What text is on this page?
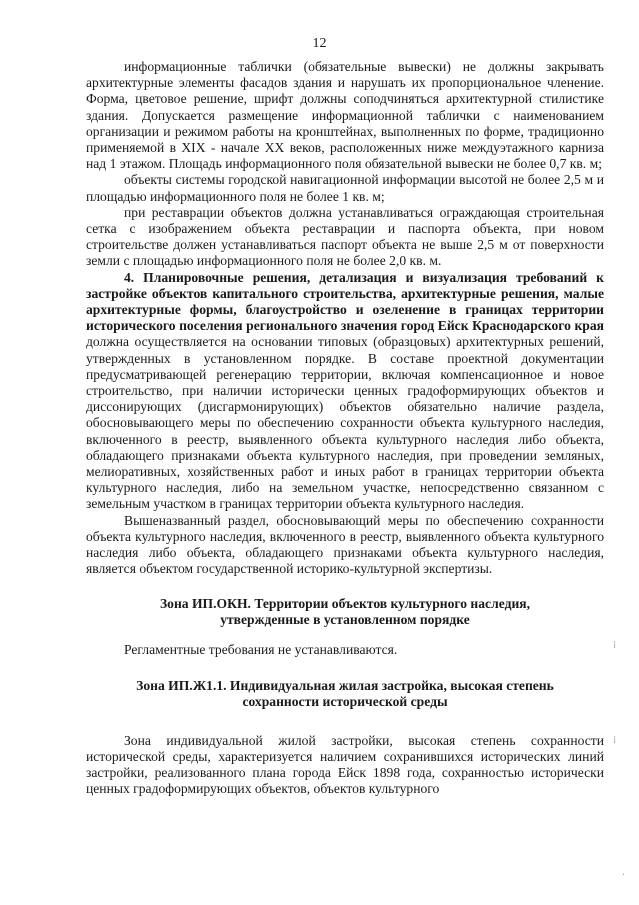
12

информационные таблички (обязательные вывески) не должны закрывать архитектурные элементы фасадов здания и нарушать их пропорциональное членение. Форма, цветовое решение, шрифт должны соподчиняться архитектурной стилистике здания. Допускается размещение информационной таблички с наименованием организации и режимом работы на кронштейнах, выполненных по форме, традиционно применяемой в XIX - начале XX веков, расположенных ниже междуэтажного карниза над 1 этажом. Площадь информационного поля обязательной вывески не более 0,7 кв. м;

объекты системы городской навигационной информации высотой не более 2,5 м и площадью информационного поля не более 1 кв. м;

при реставрации объектов должна устанавливаться ограждающая строительная сетка с изображением объекта реставрации и паспорта объекта, при новом строительстве должен устанавливаться паспорт объекта не выше 2,5 м от поверхности земли с площадью информационного поля не более 2,0 кв. м.

4. Планировочные решения, детализация и визуализация требований к застройке объектов капитального строительства, архитектурные решения, малые архитектурные формы, благоустройство и озеленение в границах территории исторического поселения регионального значения город Ейск Краснодарского края должна осуществляется на основании типовых (образцовых) архитектурных решений, утвержденных в установленном порядке. В составе проектной документации предусматривающей регенерацию территории, включая компенсационное и новое строительство, при наличии исторически ценных градоформирующих объектов и диссонирующих (дисгармонирующих) объектов обязательно наличие раздела, обосновывающего меры по обеспечению сохранности объекта культурного наследия, включенного в реестр, выявленного объекта культурного наследия либо объекта, обладающего признаками объекта культурного наследия, при проведении земляных, мелиоративных, хозяйственных работ и иных работ в границах территории объекта культурного наследия, либо на земельном участке, непосредственно связанном с земельным участком в границах территории объекта культурного наследия.

Вышеназванный раздел, обосновывающий меры по обеспечению сохранности объекта культурного наследия, включенного в реестр, выявленного объекта культурного наследия либо объекта, обладающего признаками объекта культурного наследия, является объектом государственной историко-культурной экспертизы.

Зона ИП.ОКН. Территории объектов культурного наследия,

утвержденные в установленном порядке

Регламентные требования не устанавливаются.

Зона ИП.Ж1.1. Индивидуальная жилая застройка, высокая степень

сохранности исторической среды

Зона индивидуальной жилой застройки, высокая степень сохранности исторической среды, характеризуется наличием сохранившихся исторических линий застройки, реализованного плана города Ейск 1898 года, сохранностью исторически ценных градоформирующих объектов, объектов культурного

⁞
⁞
·
